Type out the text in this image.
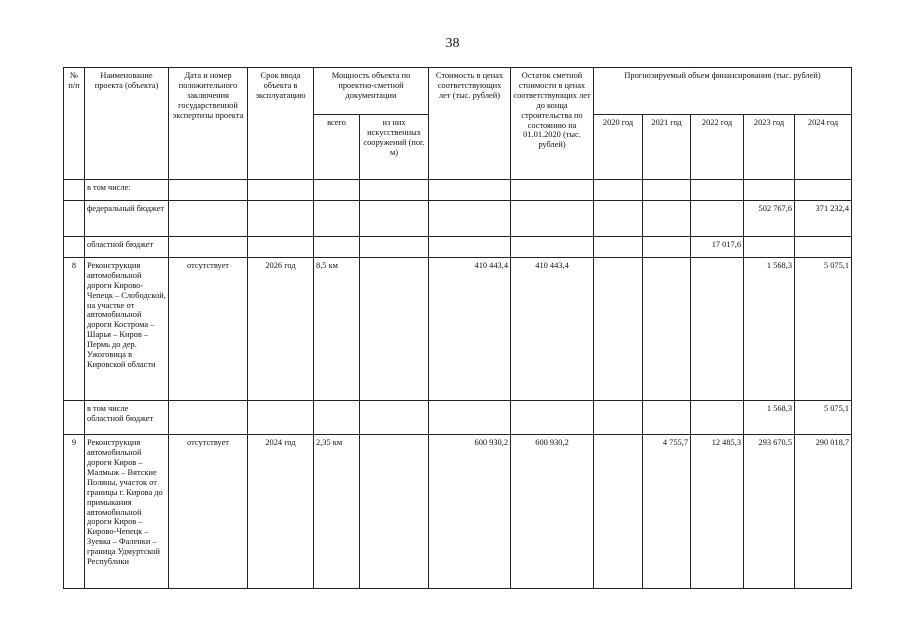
38
№ п/п	Наименование проекта (объекта)	Дата и номер положительного заключения государственной экспертизы проекта	Срок ввода объекта в эксплуатацию	Мощность объекта по проектно-сметной документации		Стоимость в ценах соответствующих лет (тыс. рублей)	Остаток сметной стоимости в ценах соответствующих лет до конца строительства по состоянию на 01.01.2020 (тыс. рублей)	Прогнозируемый объем финансирования (тыс. рублей)				
				всего	из них искусственных сооружений (пог. м)			2020 год	2021 год	2022 год	2023 год	2024 год
	в том числе:											
	федеральный бюджет										502 767,6	371 232,4
	областной бюджет									17 017,6		
8	Реконструкция автомобильной дороги Кирово-Чепецк – Слободской, на участке от автомобильной дороги Кострома – Шарья – Киров – Пермь до дер. Ужоговица в Кировской области	отсутствует	2026 год	8,5 км		410 443,4	410 443,4				1 568,3	5 075,1
	в том числе областной бюджет										1 568,3	5 075,1
9	Реконструкция автомобильной дороги Киров – Малмыж – Вятские Поляны, участок от границы г. Кирова до примыкания автомобильной дороги Киров – Кирово-Чепецк – Зуевка – Фаленки – граница Удмуртской Республики	отсутствует	2024 год	2,35 км		600 930,2	600 930,2		4 755,7	12 485,3	293 670,5	290 018,7
